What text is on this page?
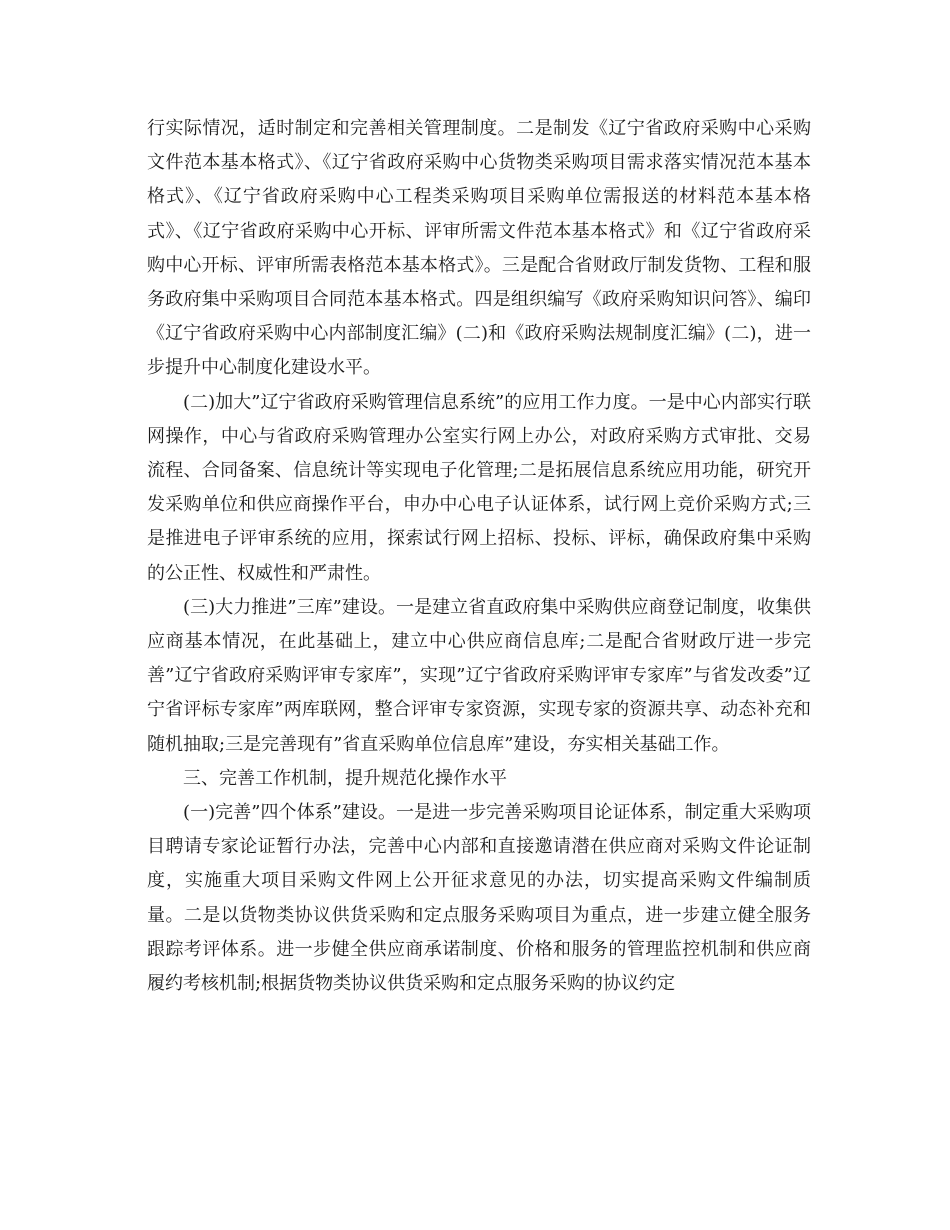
行实际情况，适时制定和完善相关管理制度。二是制发《辽宁省政府采购中心采购文件范本基本格式》、《辽宁省政府采购中心货物类采购项目需求落实情况范本基本格式》、《辽宁省政府采购中心工程类采购项目采购单位需报送的材料范本基本格式》、《辽宁省政府采购中心开标、评审所需文件范本基本格式》和《辽宁省政府采购中心开标、评审所需表格范本基本格式》。三是配合省财政厅制发货物、工程和服务政府集中采购项目合同范本基本格式。四是组织编写《政府采购知识问答》、编印《辽宁省政府采购中心内部制度汇编》(二)和《政府采购法规制度汇编》(二)，进一步提升中心制度化建设水平。

(二)加大”辽宁省政府采购管理信息系统”的应用工作力度。一是中心内部实行联网操作，中心与省政府采购管理办公室实行网上办公，对政府采购方式审批、交易流程、合同备案、信息统计等实现电子化管理;二是拓展信息系统应用功能，研究开发采购单位和供应商操作平台，申办中心电子认证体系，试行网上竞价采购方式;三是推进电子评审系统的应用，探索试行网上招标、投标、评标，确保政府集中采购的公正性、权威性和严肃性。

(三)大力推进”三库”建设。一是建立省直政府集中采购供应商登记制度，收集供应商基本情况，在此基础上，建立中心供应商信息库;二是配合省财政厅进一步完善”辽宁省政府采购评审专家库”，实现”辽宁省政府采购评审专家库”与省发改委”辽宁省评标专家库”两库联网，整合评审专家资源，实现专家的资源共享、动态补充和随机抽取;三是完善现有”省直采购单位信息库”建设，夯实相关基础工作。

三、完善工作机制，提升规范化操作水平

(一)完善”四个体系”建设。一是进一步完善采购项目论证体系，制定重大采购项目聘请专家论证暂行办法，完善中心内部和直接邀请潜在供应商对采购文件论证制度，实施重大项目采购文件网上公开征求意见的办法，切实提高采购文件编制质量。二是以货物类协议供货采购和定点服务采购项目为重点，进一步建立健全服务跟踪考评体系。进一步健全供应商承诺制度、价格和服务的管理监控机制和供应商履约考核机制;根据货物类协议供货采购和定点服务采购的协议约定
